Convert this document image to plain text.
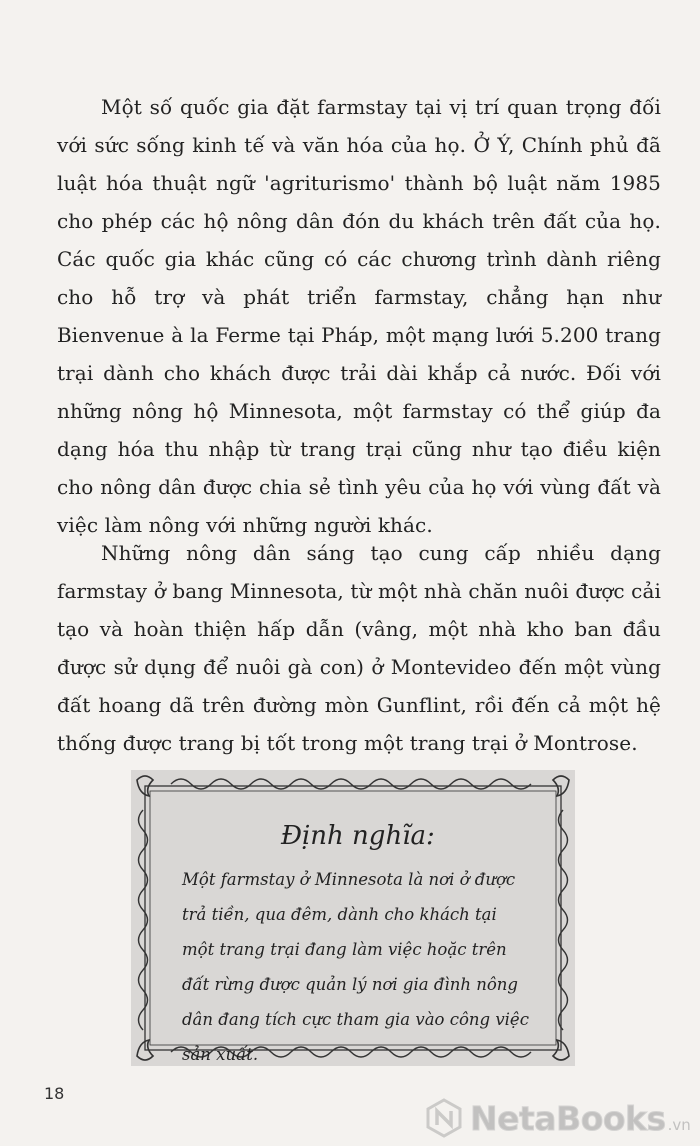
Một số quốc gia đặt farmstay tại vị trí quan trọng đối với sức sống kinh tế và văn hóa của họ. Ở Ý, Chính phủ đã luật hóa thuật ngữ 'agriturismo' thành bộ luật năm 1985 cho phép các hộ nông dân đón du khách trên đất của họ. Các quốc gia khác cũng có các chương trình dành riêng cho hỗ trợ và phát triển farmstay, chẳng hạn như Bienvenue à la Ferme tại Pháp, một mạng lưới 5.200 trang trại dành cho khách được trải dài khắp cả nước. Đối với những nông hộ Minnesota, một farmstay có thể giúp đa dạng hóa thu nhập từ trang trại cũng như tạo điều kiện cho nông dân được chia sẻ tình yêu của họ với vùng đất và việc làm nông với những người khác.

Những nông dân sáng tạo cung cấp nhiều dạng farmstay ở bang Minnesota, từ một nhà chăn nuôi được cải tạo và hoàn thiện hấp dẫn (vâng, một nhà kho ban đầu được sử dụng để nuôi gà con) ở Montevideo đến một vùng đất hoang dã trên đường mòn Gunflint, rồi đến cả một hệ thống được trang bị tốt trong một trang trại ở Montrose.

Định nghĩa:
Một farmstay ở Minnesota là nơi ở được trả tiền, qua đêm, dành cho khách tại một trang trại đang làm việc hoặc trên đất rừng được quản lý nơi gia đình nông dân đang tích cực tham gia vào công việc sản xuất.
18
NetaBooks .vn
